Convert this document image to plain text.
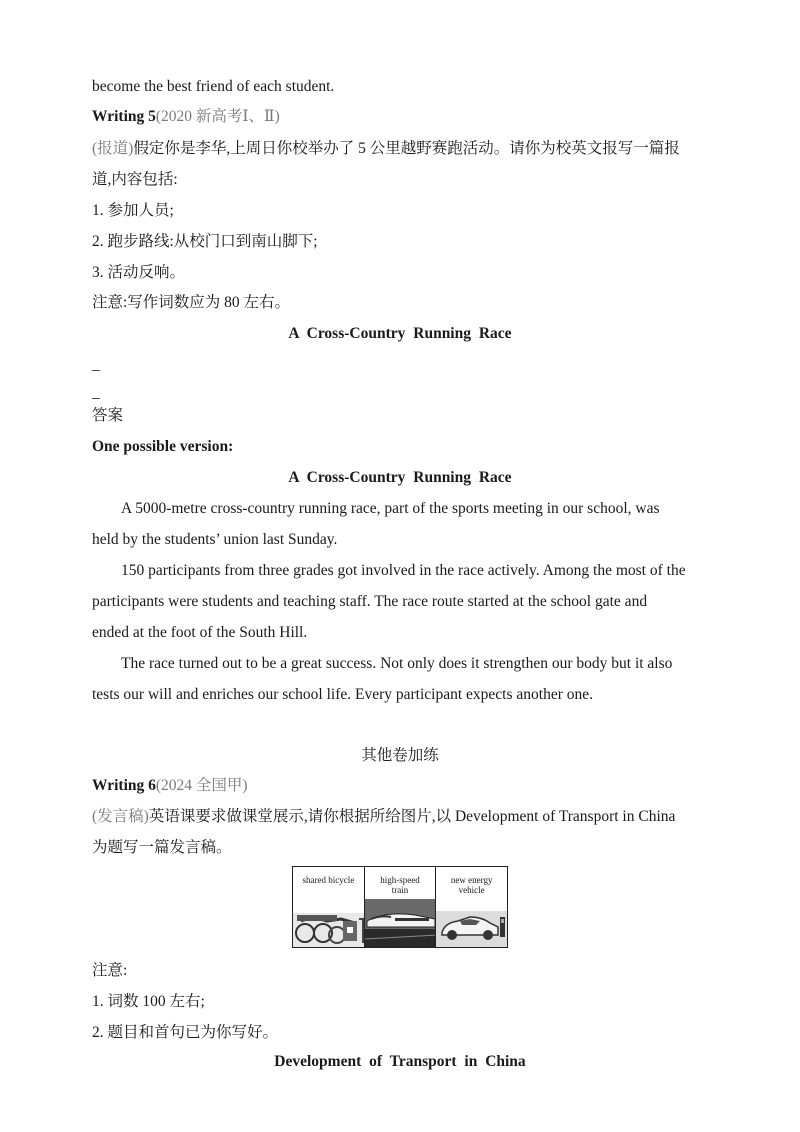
become the best friend of each student.
Writing 5(2020 新高考Ⅰ、Ⅱ)
(报道)假定你是李华,上周日你校举办了 5 公里越野赛跑活动。请你为校英文报写一篇报
道,内容包括:
1. 参加人员;
2. 跑步路线:从校门口到南山脚下;
3. 活动反响。
注意:写作词数应为 80 左右。
A Cross-Country Running Race
_
_
答案
One possible version:
A Cross-Country Running Race
A 5000-metre cross-country running race, part of the sports meeting in our school, was
held by the students’ union last Sunday.
150 participants from three grades got involved in the race actively. Among the most of the
participants were students and teaching staff. The race route started at the school gate and
ended at the foot of the South Hill.
The race turned out to be a great success. Not only does it strengthen our body but it also
tests our will and enriches our school life. Every participant expects another one.
其他卷加练
Writing 6(2024 全国甲)
(发言稿)英语课要求做课堂展示,请你根据所给图片,以 Development of Transport in China
为题写一篇发言稿。
shared bicycle	high-speed
train
new energy
vehicle
注意:
1. 词数 100 左右;
2. 题目和首句已为你写好。
Development of Transport in China
